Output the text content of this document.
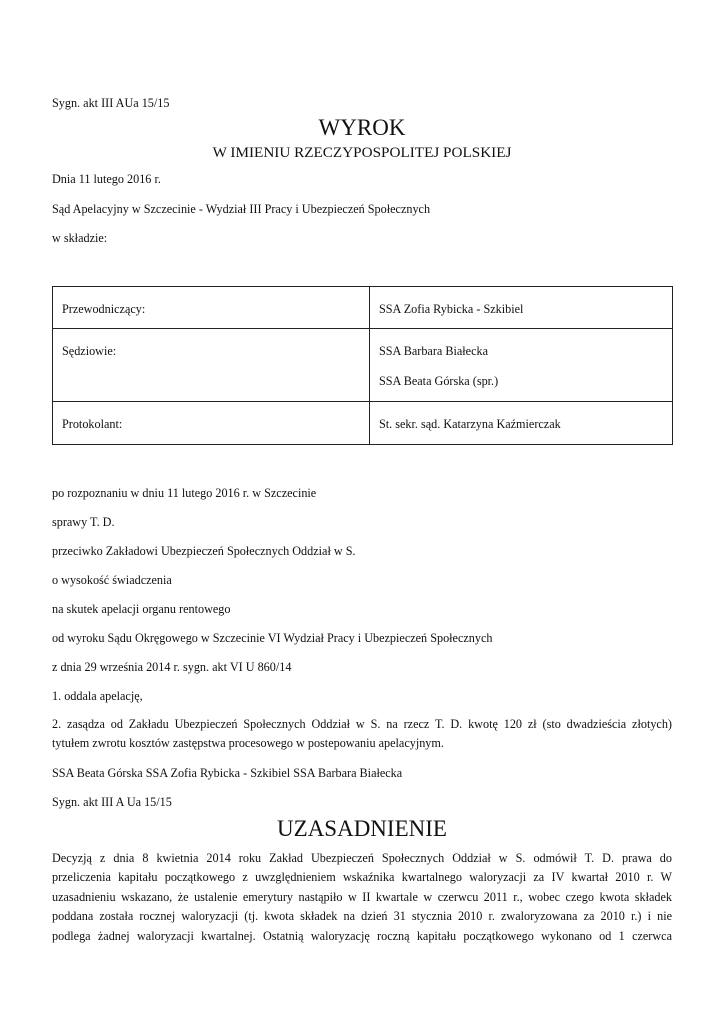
Sygn. akt III AUa 15/15
WYROK
W IMIENIU RZECZYPOSPOLITEJ POLSKIEJ
Dnia 11 lutego 2016 r.
Sąd Apelacyjny w Szczecinie - Wydział III Pracy i Ubezpieczeń Społecznych
w składzie:
Przewodniczący:	SSA Zofia Rybicka - Szkibiel

Sędziowie:	SSA Barbara Białecka
SSA Beata Górska (spr.)

Protokolant:	St. sekr. sąd. Katarzyna Kaźmierczak
po rozpoznaniu w dniu 11 lutego 2016 r. w Szczecinie
sprawy T. D.
przeciwko Zakładowi Ubezpieczeń Społecznych Oddział w S.
o wysokość świadczenia
na skutek apelacji organu rentowego
od wyroku Sądu Okręgowego w Szczecinie VI Wydział Pracy i Ubezpieczeń Społecznych
z dnia 29 września 2014 r. sygn. akt VI U 860/14
1. oddala apelację,
2. zasądza od Zakładu Ubezpieczeń Społecznych Oddział w S. na rzecz T. D. kwotę 120 zł (sto dwadzieścia złotych)
tytułem zwrotu kosztów zastępstwa procesowego w postepowaniu apelacyjnym.
SSA Beata Górska SSA Zofia Rybicka - Szkibiel SSA Barbara Białecka
Sygn. akt III A Ua 15/15
UZASADNIENIE
Decyzją z dnia 8 kwietnia 2014 roku Zakład Ubezpieczeń Społecznych Oddział w S. odmówił T. D. prawa do
przeliczenia kapitału początkowego z uwzględnieniem wskaźnika kwartalnego waloryzacji za IV kwartał 2010 r. W
uzasadnieniu wskazano, że ustalenie emerytury nastąpiło w II kwartale w czerwcu 2011 r., wobec czego kwota składek
poddana została rocznej waloryzacji (tj. kwota składek na dzień 31 stycznia 2010 r. zwaloryzowana za 2010 r.) i nie
podlega żadnej waloryzacji kwartalnej. Ostatnią waloryzację roczną kapitału początkowego wykonano od 1 czerwca
